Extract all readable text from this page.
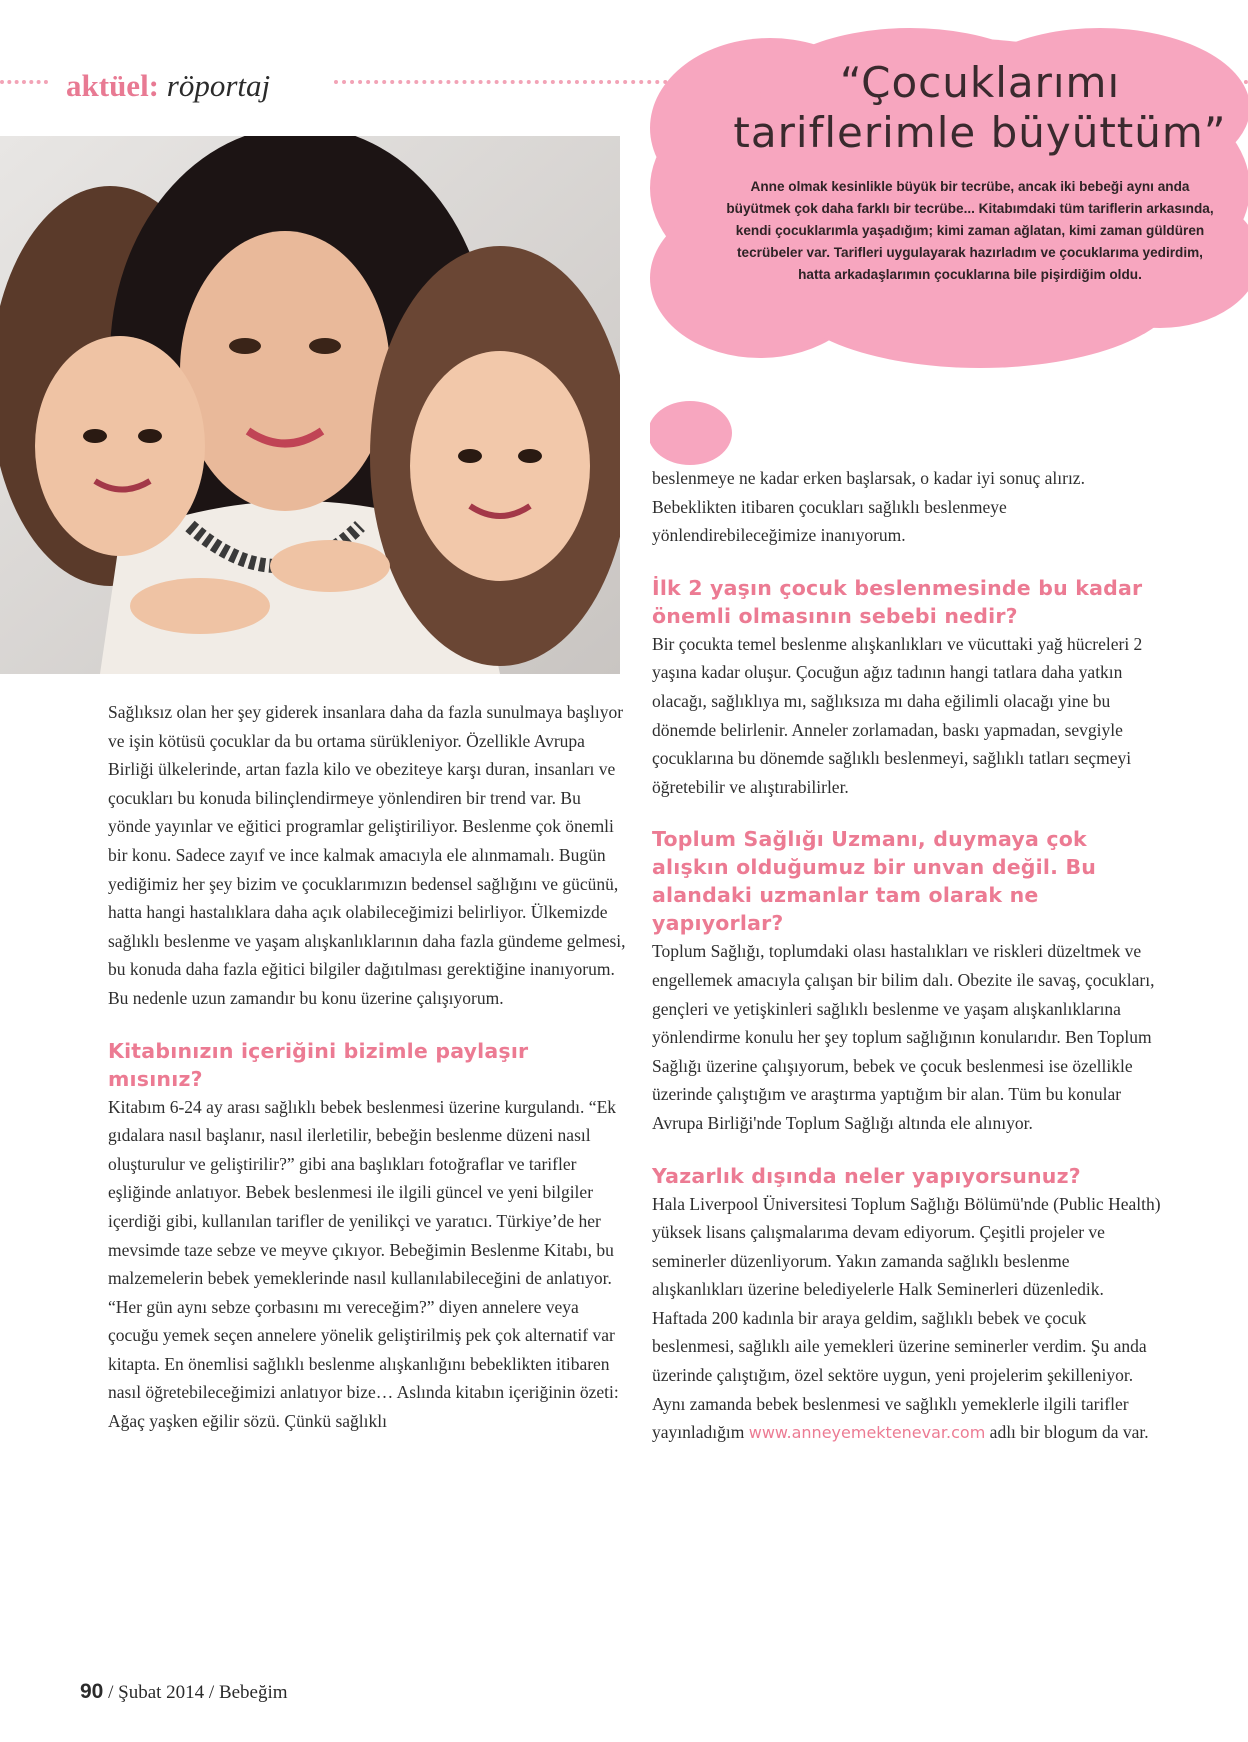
aktüel: röportaj	“Çocuklarımı
tariflerimle büyüttüm”
Anne olmak kesinlikle büyük bir tecrübe, ancak iki bebeği aynı anda büyütmek çok daha farklı bir tecrübe... Kitabımdaki tüm tariflerin arkasında, kendi çocuklarımla yaşadığım; kimi zaman ağlatan, kimi zaman güldüren tecrübeler var. Tarifleri uygulayarak hazırladım ve çocuklarıma yedirdim, hatta arkadaşlarımın çocuklarına bile pişirdiğim oldu.

Sağlıksız olan her şey giderek insanlara daha da fazla sunulmaya başlıyor ve işin kötüsü çocuklar da bu ortama sürükleniyor. Özellikle Avrupa Birliği ülkelerinde, artan fazla kilo ve obeziteye karşı duran, insanları ve çocukları bu konuda bilinçlendirmeye yönlendiren bir trend var. Bu yönde yayınlar ve eğitici programlar geliştiriliyor. Beslenme çok önemli bir konu. Sadece zayıf ve ince kalmak amacıyla ele alınmamalı. Bugün yediğimiz her şey bizim ve çocuklarımızın bedensel sağlığını ve gücünü, hatta hangi hastalıklara daha açık olabileceğimizi belirliyor. Ülkemizde sağlıklı beslenme ve yaşam alışkanlıklarının daha fazla gündeme gelmesi, bu konuda daha fazla eğitici bilgiler dağıtılması gerektiğine inanıyorum. Bu nedenle uzun zamandır bu konu üzerine çalışıyorum.

Kitabınızın içeriğini bizimle paylaşır mısınız?

Kitabım 6-24 ay arası sağlıklı bebek beslenmesi üzerine kurgulandı. “Ek gıdalara nasıl başlanır, nasıl ilerletilir, bebeğin beslenme düzeni nasıl oluşturulur ve geliştirilir?” gibi ana başlıkları fotoğraflar ve tarifler eşliğinde anlatıyor. Bebek beslenmesi ile ilgili güncel ve yeni bilgiler içerdiği gibi, kullanılan tarifler de yenilikçi ve yaratıcı. Türkiye’de her mevsimde taze sebze ve meyve çıkıyor. Bebeğimin Beslenme Kitabı, bu malzemelerin bebek yemeklerinde nasıl kullanılabileceğini de anlatıyor. “Her gün aynı sebze çorbasını mı vereceğim?” diyen annelere veya çocuğu yemek seçen annelere yönelik geliştirilmiş pek çok alternatif var kitapta. En önemlisi sağlıklı beslenme alışkanlığını bebeklikten itibaren nasıl öğretebileceğimizi anlatıyor bize… Aslında kitabın içeriğinin özeti: Ağaç yaşken eğilir sözü. Çünkü sağlıklı

beslenmeye ne kadar erken başlarsak, o kadar iyi sonuç alırız. Bebeklikten itibaren çocukları sağlıklı beslenmeye yönlendirebileceğimize inanıyorum.

İlk 2 yaşın çocuk beslenmesinde bu kadar önemli olmasının sebebi nedir?

Bir çocukta temel beslenme alışkanlıkları ve vücuttaki yağ hücreleri 2 yaşına kadar oluşur. Çocuğun ağız tadının hangi tatlara daha yatkın olacağı, sağlıklıya mı, sağlıksıza mı daha eğilimli olacağı yine bu dönemde belirlenir. Anneler zorlamadan, baskı yapmadan, sevgiyle çocuklarına bu dönemde sağlıklı beslenmeyi, sağlıklı tatları seçmeyi öğretebilir ve alıştırabilirler.

Toplum Sağlığı Uzmanı, duymaya çok alışkın olduğumuz bir unvan değil. Bu alandaki uzmanlar tam olarak ne yapıyorlar?

Toplum Sağlığı, toplumdaki olası hastalıkları ve riskleri düzeltmek ve engellemek amacıyla çalışan bir bilim dalı. Obezite ile savaş, çocukları, gençleri ve yetişkinleri sağlıklı beslenme ve yaşam alışkanlıklarına yönlendirme konulu her şey toplum sağlığının konularıdır. Ben Toplum Sağlığı üzerine çalışıyorum, bebek ve çocuk beslenmesi ise özellikle üzerinde çalıştığım ve araştırma yaptığım bir alan. Tüm bu konular Avrupa Birliği'nde Toplum Sağlığı altında ele alınıyor.

Yazarlık dışında neler yapıyorsunuz?

Hala Liverpool Üniversitesi Toplum Sağlığı Bölümü'nde (Public Health) yüksek lisans çalışmalarıma devam ediyorum. Çeşitli projeler ve seminerler düzenliyorum. Yakın zamanda sağlıklı beslenme alışkanlıkları üzerine belediyelerle Halk Seminerleri düzenledik. Haftada 200 kadınla bir araya geldim, sağlıklı bebek ve çocuk beslenmesi, sağlıklı aile yemekleri üzerine seminerler verdim. Şu anda üzerinde çalıştığım, özel sektöre uygun, yeni projelerim şekilleniyor. Aynı zamanda bebek beslenmesi ve sağlıklı yemeklerle ilgili tarifler yayınladığım www.anneyemektenevar.com adlı bir blogum da var.

90 / Şubat 2014 / Bebeğim
